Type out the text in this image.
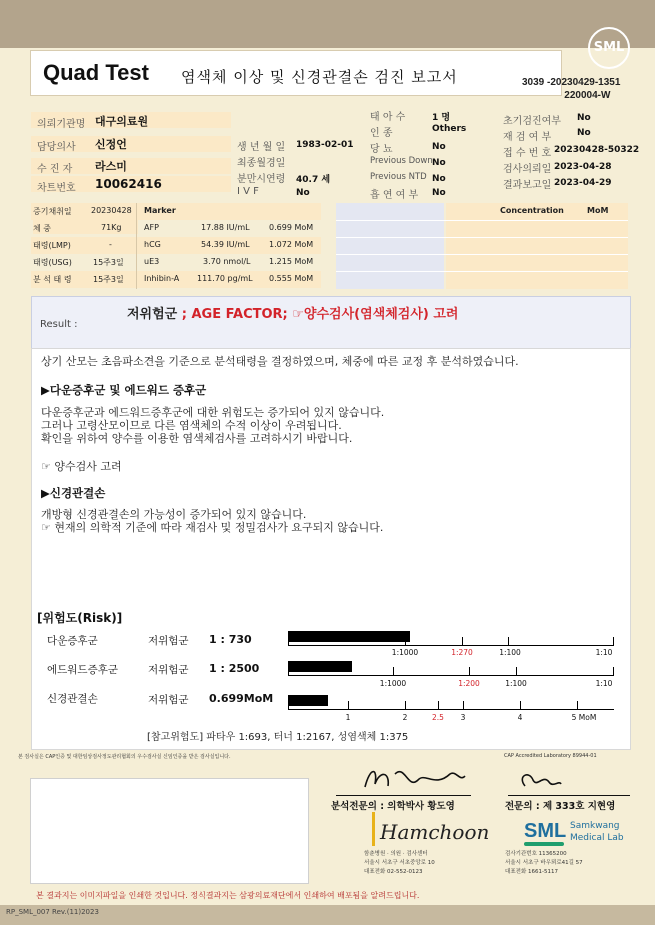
SML
Quad Test 염색체 이상 및 신경관결손 검진 보고서	3039 -20230429-1351
220004-W
의뢰기관명 대구의료원
담당의사 신정언
수 진 자 라스미
차트번호 10062416
생 년 월 일 1983-02-01
최종월경일
분만시연령 40.7 세
I V F	No
태 아 수	1 명
인 종	Others
당 뇨	No
Previous Down No
Previous NTD No
흡 연 여 부 No
초기검진여부 No
재 검 여 부	No
접 수 번 호 20230428-50322
검사의뢰일 2023-04-28
결과보고일 2023-04-29
증기채취일 20230428 Marker
체 중	71Kg	AFP	17.88 IU/mL 0.699 MoM
태령(LMP)	-	hCG	54.39 IU/mL 1.072 MoM
태령(USG)	15주3일	uE3	3.70 nmol/L 1.215 MoM
분 석 태 령	15주3일	Inhibin-A 111.70 pg/mL 0.555 MoM
Concentration	MoM
Result :
저위험군 ; AGE FACTOR; ☞양수검사(염색체검사) 고려
상기 산모는 초음파소견을 기준으로 분석태령을 결정하였으며, 체중에 따른 교정 후 분석하였습니다.
▶다운증후군 및 에드워드 증후군
다운증후군과 에드워드증후군에 대한 위험도는 증가되어 있지 않습니다.
그러나 고령산모이므로 다른 염색체의 수적 이상이 우려됩니다.
확인을 위하여 양수를 이용한 염색체검사를 고려하시기 바랍니다.
☞ 양수검사 고려
▶신경관결손
개방형 신경관결손의 가능성이 증가되어 있지 않습니다.
☞ 현재의 의학적 기준에 따라 재검사 및 정밀검사가 요구되지 않습니다.
[위험도(Risk)]
다운증후군	저위험군 1 : 730
1:1000	1:270	1:100	1:10
에드워드증후군	저위험군 1 : 2500
1:1000	1:200	1:100	1:10
신경관결손	저위험군 0.699MoM
1	2	2.5 3	4	5 MoM
[참고위험도] 파타우 1:693, 터너 1:2167, 성염색체 1:375
본 검사실은 CAP인증 및 대한임상검사정도관리협회의 우수검사실 신임인증을 받은 검사실입니다.	CAP Accredited Laboratory 89944-01
분석전문의 : 의학박사 황도영
Hamchoon
함춘병원 · 의원 · 검사센터
서울시 서초구 서초중앙로 10
대표전화 02-552-0123
전문의 : 제 333호 지현영
SML Samkwang
Medical Lab
검사기관번호 11365200
서울시 서초구 바우뫼로41길 57
대표전화 1661-5117
본 결과지는 이미지파일을 인쇄한 것입니다. 정식결과지는 삼광의료재단에서 인쇄하여 배포됨을 알려드립니다.
RP_SML_007 Rev.(11)2023
